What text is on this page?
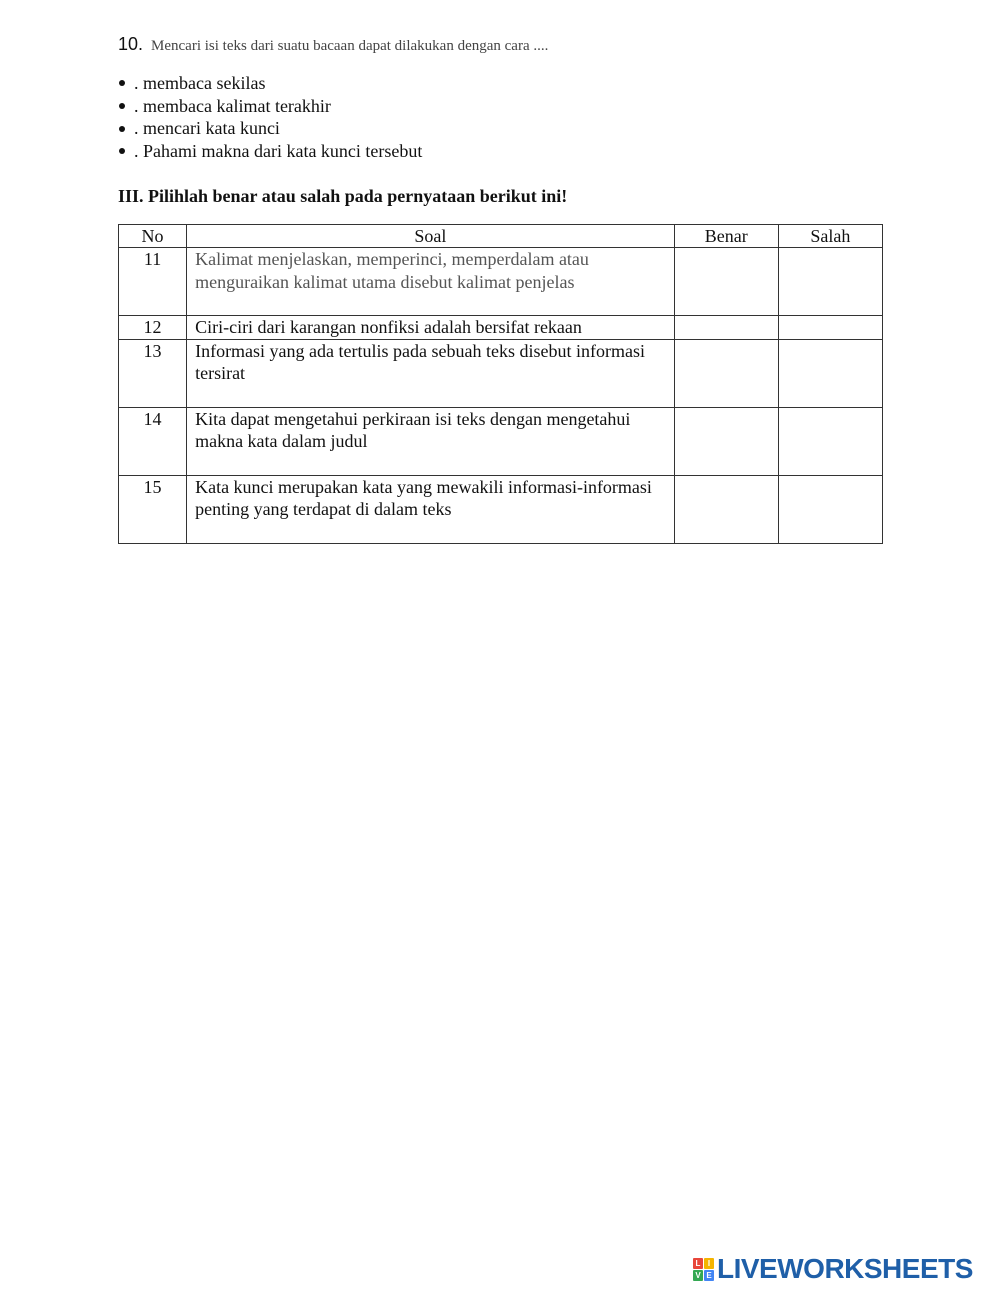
10. Mencari isi teks dari suatu bacaan dapat dilakukan dengan cara ....
. membaca sekilas
. membaca kalimat terakhir
. mencari kata kunci
. Pahami makna dari kata kunci tersebut
III. Pilihlah benar atau salah pada pernyataan berikut ini!
No	Soal	Benar	Salah
11	Kalimat menjelaskan, memperinci, memperdalam atau menguraikan kalimat utama disebut kalimat penjelas		
12	Ciri-ciri dari karangan nonfiksi adalah bersifat rekaan		
13	Informasi yang ada tertulis pada sebuah teks disebut informasi tersirat		
14	Kita dapat mengetahui perkiraan isi teks dengan mengetahui makna kata dalam judul		
15	Kata kunci merupakan kata yang mewakili informasi-informasi penting yang terdapat di dalam teks		
L I
V E LIVEWORKSHEETS
